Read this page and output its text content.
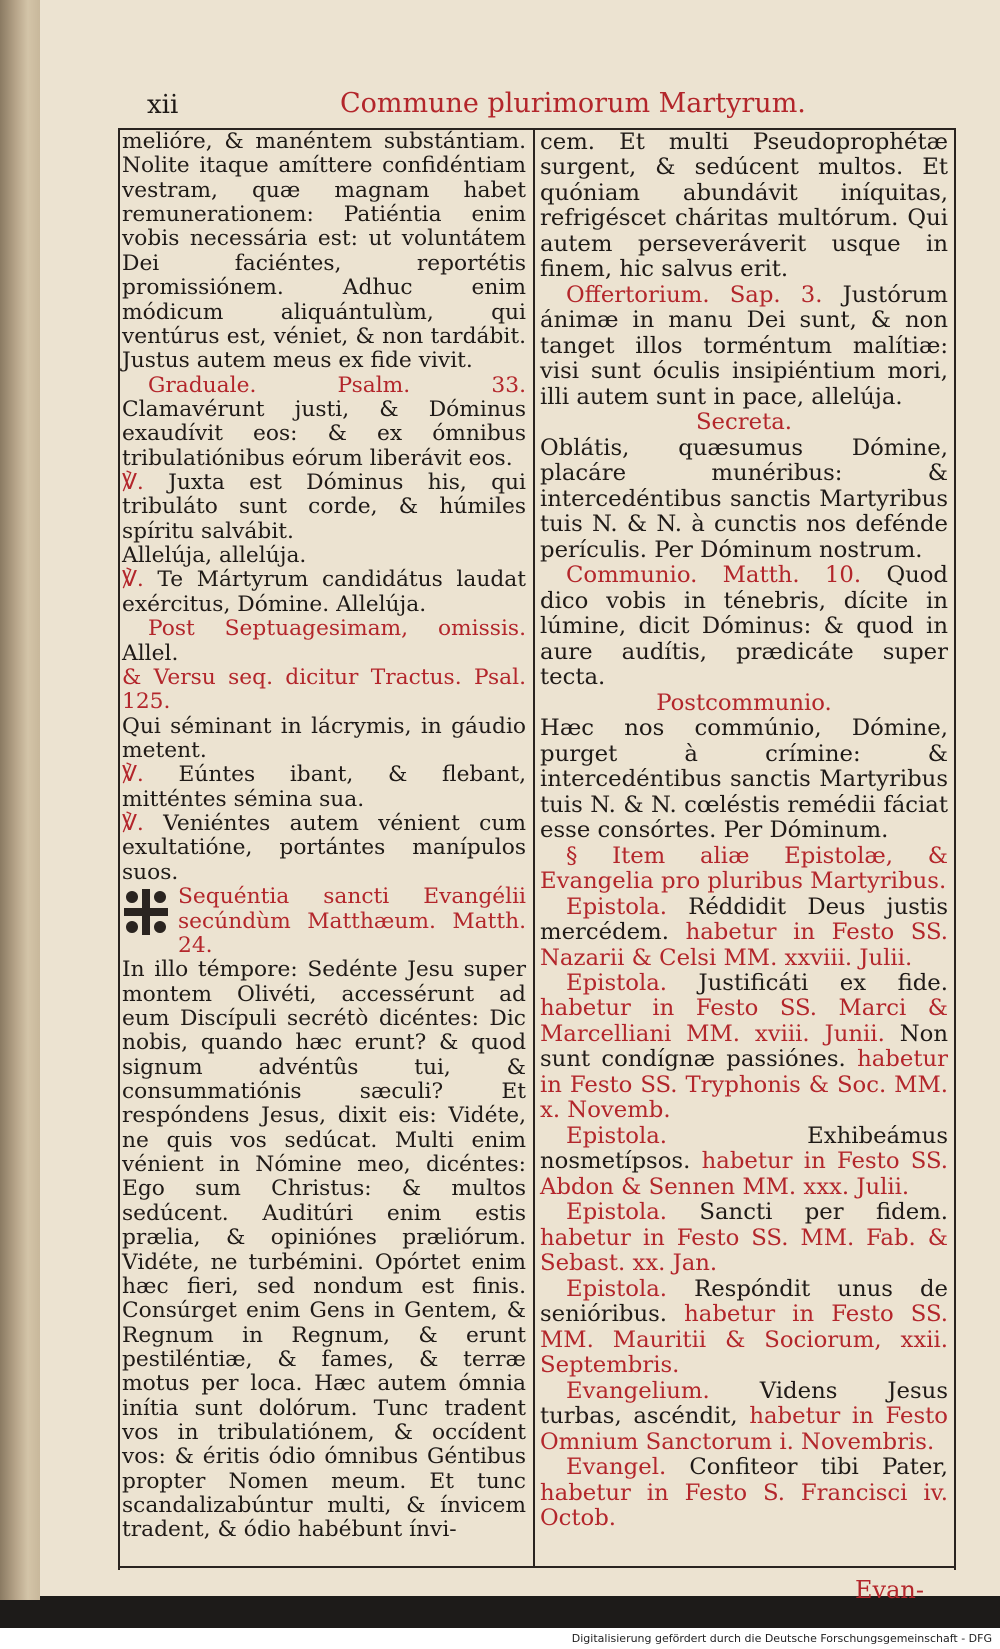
xii	Commune plurimorum Martyrum.

melióre, & manéntem substántiam. Nolite itaque amíttere confidéntiam vestram, quæ magnam habet remunerationem: Patiéntia enim vobis necessária est: ut voluntátem Dei faciéntes, reportétis promissiónem. Adhuc enim módicum aliquántulùm, qui ventúrus est, véniet, & non tardábit. Justus autem meus ex fide vivit.

Graduale. Psalm. 33. Clamavérunt justi, & Dóminus exaudívit eos: & ex ómnibus tribulatiónibus eórum liberávit eos.

℣. Juxta est Dóminus his, qui tribuláto sunt corde, & húmiles spíritu salvábit.

Allelúja, allelúja.

℣. Te Mártyrum candidátus laudat exércitus, Dómine. Allelúja.

Post Septuagesimam, omissis. Allel.

& Versu seq. dicitur Tractus. Psal. 125.

Qui séminant in lácrymis, in gáudio metent.

℣. Eúntes ibant, & flebant, mitténtes sémina sua.

℣. Veniéntes autem vénient cum exultatióne, portántes manípulos suos.

Sequéntia sancti Evangélii secúndùm Matthæum. Matth. 24.

In illo témpore: Sedénte Jesu super montem Olivéti, accessérunt ad eum Discípuli secrétò dicéntes: Dic nobis, quando hæc erunt? & quod signum advéntûs tui, & consummatiónis sæculi? Et respóndens Jesus, dixit eis: Vidéte, ne quis vos sedúcat. Multi enim vénient in Nómine meo, dicéntes: Ego sum Christus: & multos sedúcent. Auditúri enim estis prælia, & opiniónes præliórum. Vidéte, ne turbémini. Opórtet enim hæc fieri, sed nondum est finis. Consúrget enim Gens in Gentem, & Regnum in Regnum, & erunt pestiléntiæ, & fames, & terræ motus per loca. Hæc autem ómnia inítia sunt dolórum. Tunc tradent vos in tribulatiónem, & occídent vos: & éritis ódio ómnibus Géntibus propter Nomen meum. Et tunc scandalizabúntur multi, & ínvicem tradent, & ódio habébunt ínvi-

cem. Et multi Pseudoprophétæ surgent, & sedúcent multos. Et quóniam abundávit iníquitas, refrigéscet cháritas multórum. Qui autem perseveráverit usque in finem, hic salvus erit.

Offertorium. Sap. 3. Justórum ánimæ in manu Dei sunt, & non tanget illos torméntum malítiæ: visi sunt óculis insipiéntium mori, illi autem sunt in pace, allelúja.

Secreta.

Oblátis, quæsumus Dómine, placáre munéribus: & intercedéntibus sanctis Martyribus tuis N. & N. à cunctis nos defénde perículis. Per Dóminum nostrum.

Communio. Matth. 10. Quod dico vobis in ténebris, dícite in lúmine, dicit Dóminus: & quod in aure audítis, prædicáte super tecta.

Postcommunio.

Hæc nos commúnio, Dómine, purget à crímine: & intercedéntibus sanctis Martyribus tuis N. & N. cœléstis remédii fáciat esse consórtes. Per Dóminum.

§ Item aliæ Epistolæ, & Evangelia pro pluribus Martyribus.

Epistola. Réddidit Deus justis mercédem. habetur in Festo SS. Nazarii & Celsi MM. xxviii. Julii.

Epistola. Justificáti ex fide. habetur in Festo SS. Marci & Marcelliani MM. xviii. Junii. Non sunt condígnæ passiónes. habetur in Festo SS. Tryphonis & Soc. MM. x. Novemb.

Epistola.	Exhibeámus nosmetípsos. habetur in Festo SS. Abdon & Sennen MM. xxx. Julii.

Epistola. Sancti per fidem. habetur in Festo SS. MM. Fab. & Sebast. xx. Jan.

Epistola. Respóndit unus de senióribus. habetur in Festo SS. MM. Mauritii & Sociorum, xxii. Septembris.

Evangelium. Videns Jesus turbas, ascéndit, habetur in Festo Omnium Sanctorum i. Novembris.

Evangel. Confiteor tibi Pater, habetur in Festo S. Francisci iv. Octob.

Evan-
Digitalisierung gefördert durch die Deutsche Forschungsgemeinschaft - DFG
